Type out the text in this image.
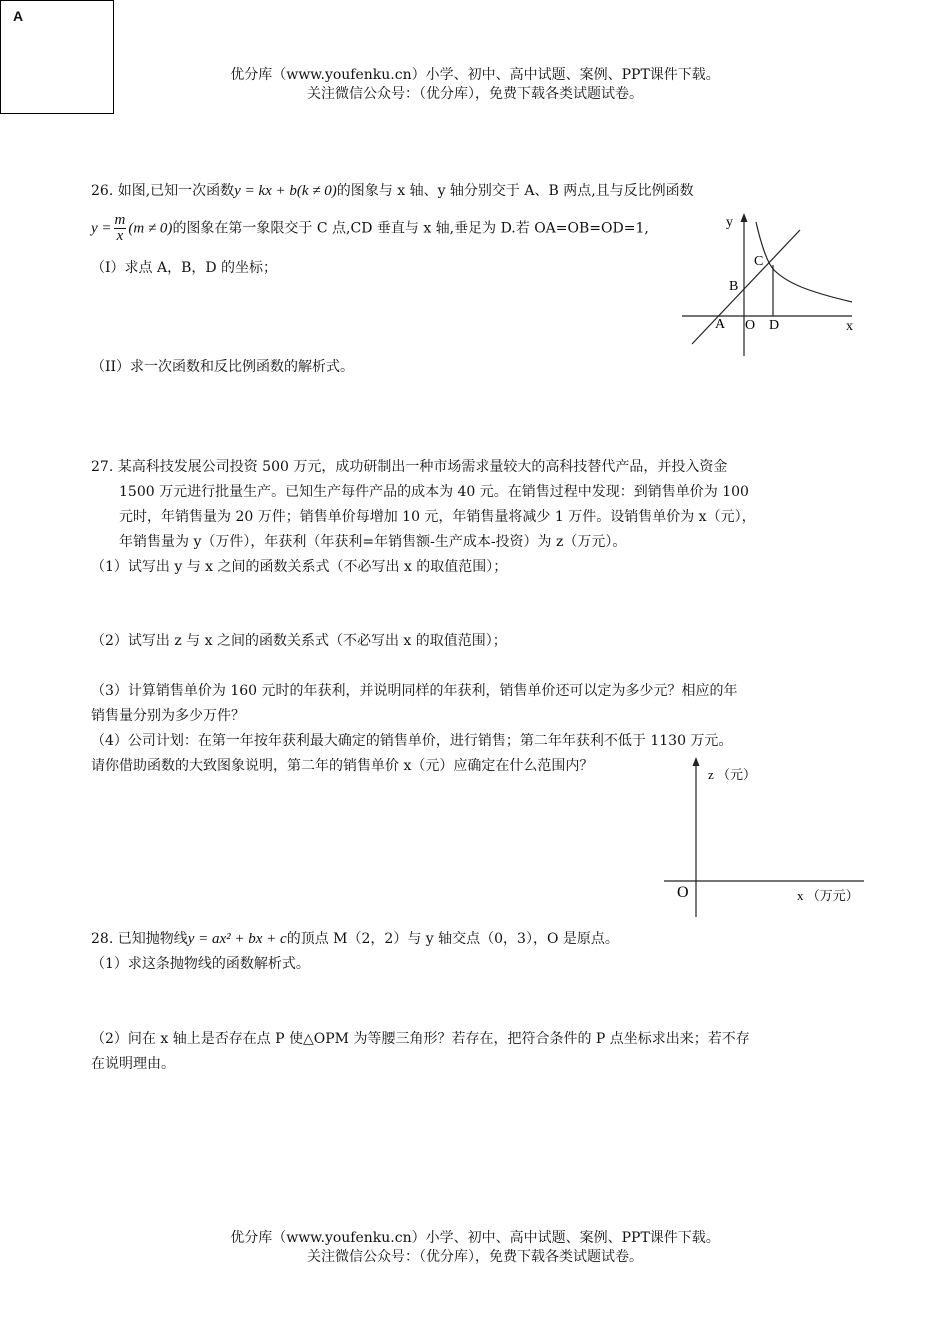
A
优分库（www.youfenku.cn）小学、初中、高中试题、案例、PPT课件下载。
关注微信公众号：（优分库），免费下载各类试题试卷。
26. 如图,已知一次函数y = kx + b(k ≠ 0)的图象与 x 轴、y 轴分别交于 A、B 两点,且与反比例函数
$y = \frac{m}{x} (m \ne 0)$的图象在第一象限交于 C 点,CD 垂直与 x 轴,垂足为 D.若 OA=OB=OD=1,
（I）求点 A，B，D 的坐标；
（II）求一次函数和反比例函数的解析式。
y
x
A O D
B
C
27. 某高科技发展公司投资 500 万元，成功研制出一种市场需求量较大的高科技替代产品，并投入资金
1500 万元进行批量生产。已知生产每件产品的成本为 40 元。在销售过程中发现：到销售单价为 100
元时，年销售量为 20 万件；销售单价每增加 10 元，年销售量将减少 1 万件。设销售单价为 x（元），
年销售量为 y（万件），年获利（年获利=年销售额-生产成本-投资）为 z（万元）。
（1）试写出 y 与 x 之间的函数关系式（不必写出 x 的取值范围）；
（2）试写出 z 与 x 之间的函数关系式（不必写出 x 的取值范围）；
（3）计算销售单价为 160 元时的年获利，并说明同样的年获利，销售单价还可以定为多少元？相应的年
销售量分别为多少万件？
（4）公司计划：在第一年按年获利最大确定的销售单价，进行销售；第二年年获利不低于 1130 万元。
请你借助函数的大致图象说明，第二年的销售单价 x（元）应确定在什么范围内？
z （元）
O	x （万元）
28. 已知抛物线y = ax² + bx + c的顶点 M（2，2）与 y 轴交点（0，3），O 是原点。
（1）求这条抛物线的函数解析式。
（2）问在 x 轴上是否存在点 P 使△OPM 为等腰三角形？若存在，把符合条件的 P 点坐标求出来；若不存
在说明理由。
优分库（www.youfenku.cn）小学、初中、高中试题、案例、PPT课件下载。
关注微信公众号：（优分库），免费下载各类试题试卷。
